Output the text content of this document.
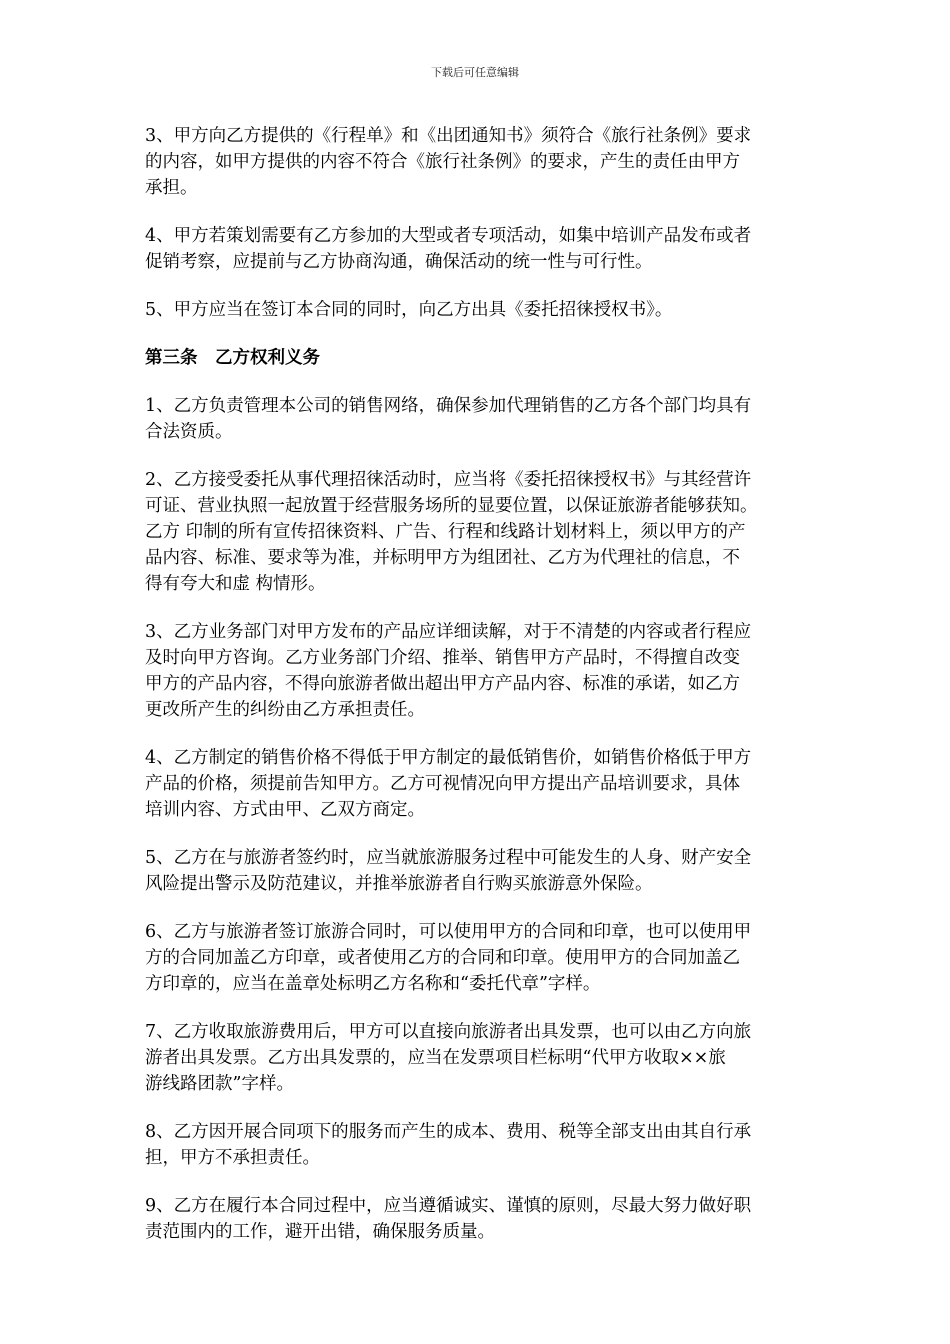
下载后可任意编辑

3、甲方向乙方提供的《行程单》和《出团通知书》须符合《旅行社条例》要求
的内容，如甲方提供的内容不符合《旅行社条例》的要求，产生的责任由甲方
承担。

4、甲方若策划需要有乙方参加的大型或者专项活动，如集中培训产品发布或者
促销考察，应提前与乙方协商沟通，确保活动的统一性与可行性。

5、甲方应当在签订本合同的同时，向乙方出具《委托招徕授权书》。

第三条　乙方权利义务

1、乙方负责管理本公司的销售网络，确保参加代理销售的乙方各个部门均具有
合法资质。

2、乙方接受委托从事代理招徕活动时，应当将《委托招徕授权书》与其经营许
可证、营业执照一起放置于经营服务场所的显要位置，以保证旅游者能够获知。
乙方 印制的所有宣传招徕资料、广告、行程和线路计划材料上，须以甲方的产
品内容、标准、要求等为准，并标明甲方为组团社、乙方为代理社的信息，不
得有夸大和虚 构情形。

3、乙方业务部门对甲方发布的产品应详细读解，对于不清楚的内容或者行程应
及时向甲方咨询。乙方业务部门介绍、推举、销售甲方产品时，不得擅自改变
甲方的产品内容，不得向旅游者做出超出甲方产品内容、标准的承诺，如乙方
更改所产生的纠纷由乙方承担责任。

4、乙方制定的销售价格不得低于甲方制定的最低销售价，如销售价格低于甲方
产品的价格，须提前告知甲方。乙方可视情况向甲方提出产品培训要求，具体
培训内容、方式由甲、乙双方商定。

5、乙方在与旅游者签约时，应当就旅游服务过程中可能发生的人身、财产安全
风险提出警示及防范建议，并推举旅游者自行购买旅游意外保险。

6、乙方与旅游者签订旅游合同时，可以使用甲方的合同和印章，也可以使用甲
方的合同加盖乙方印章，或者使用乙方的合同和印章。使用甲方的合同加盖乙
方印章的，应当在盖章处标明乙方名称和“委托代章”字样。

7、乙方收取旅游费用后，甲方可以直接向旅游者出具发票，也可以由乙方向旅
游者出具发票。乙方出具发票的，应当在发票项目栏标明“代甲方收取××旅
游线路团款”字样。

8、乙方因开展合同项下的服务而产生的成本、费用、税等全部支出由其自行承
担，甲方不承担责任。

9、乙方在履行本合同过程中，应当遵循诚实、谨慎的原则，尽最大努力做好职
责范围内的工作，避开出错，确保服务质量。
